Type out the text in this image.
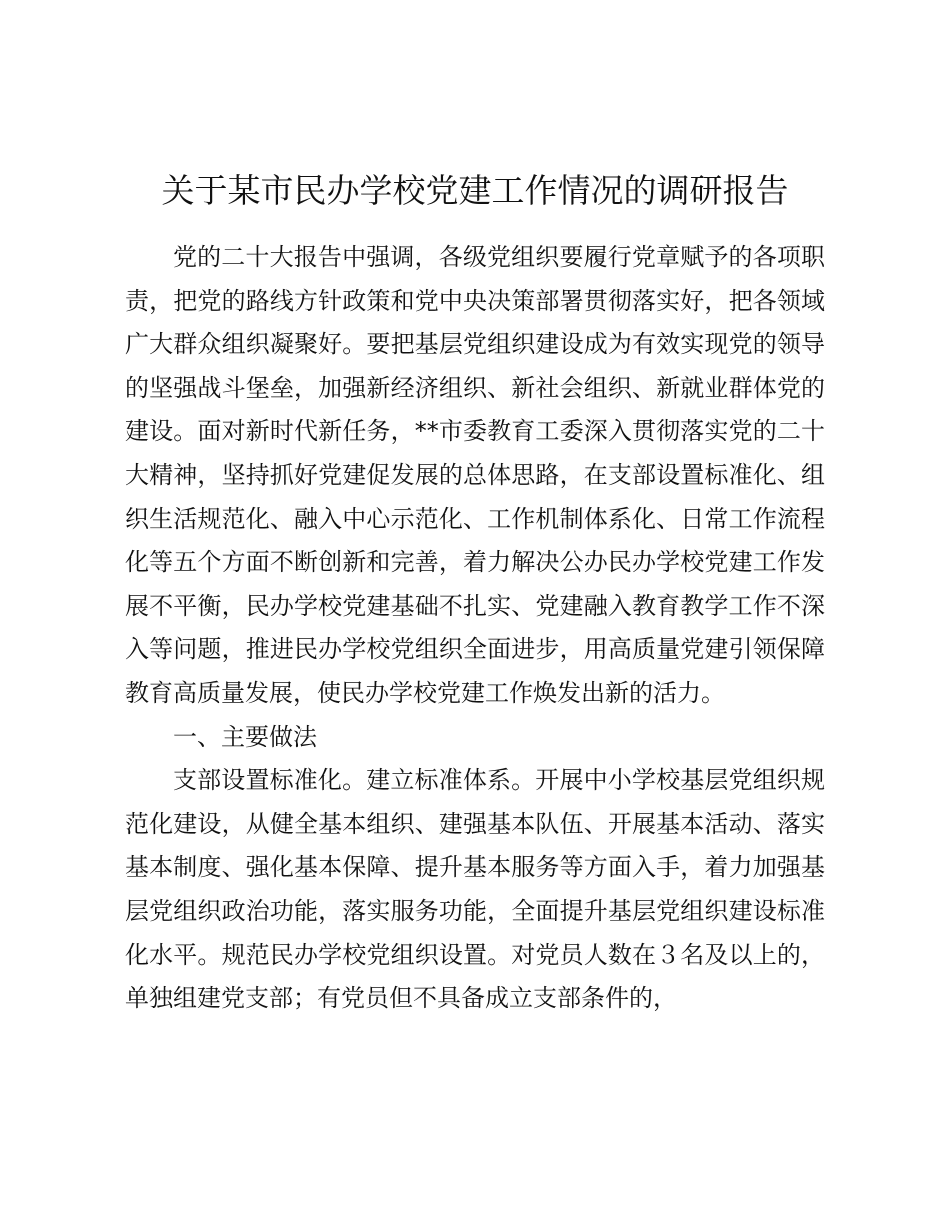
关于某市民办学校党建工作情况的调研报告

党的二十大报告中强调，各级党组织要履行党章赋予的各项职责，把党的路线方针政策和党中央决策部署贯彻落实好，把各领域广大群众组织凝聚好。要把基层党组织建设成为有效实现党的领导的坚强战斗堡垒，加强新经济组织、新社会组织、新就业群体党的建设。面对新时代新任务，**市委教育工委深入贯彻落实党的二十大精神，坚持抓好党建促发展的总体思路，在支部设置标准化、组织生活规范化、融入中心示范化、工作机制体系化、日常工作流程化等五个方面不断创新和完善，着力解决公办民办学校党建工作发展不平衡，民办学校党建基础不扎实、党建融入教育教学工作不深入等问题，推进民办学校党组织全面进步，用高质量党建引领保障教育高质量发展，使民办学校党建工作焕发出新的活力。

一、主要做法

支部设置标准化。建立标准体系。开展中小学校基层党组织规范化建设，从健全基本组织、建强基本队伍、开展基本活动、落实基本制度、强化基本保障、提升基本服务等方面入手，着力加强基层党组织政治功能，落实服务功能，全面提升基层党组织建设标准化水平。规范民办学校党组织设置。对党员人数在３名及以上的，单独组建党支部；有党员但不具备成立支部条件的，
